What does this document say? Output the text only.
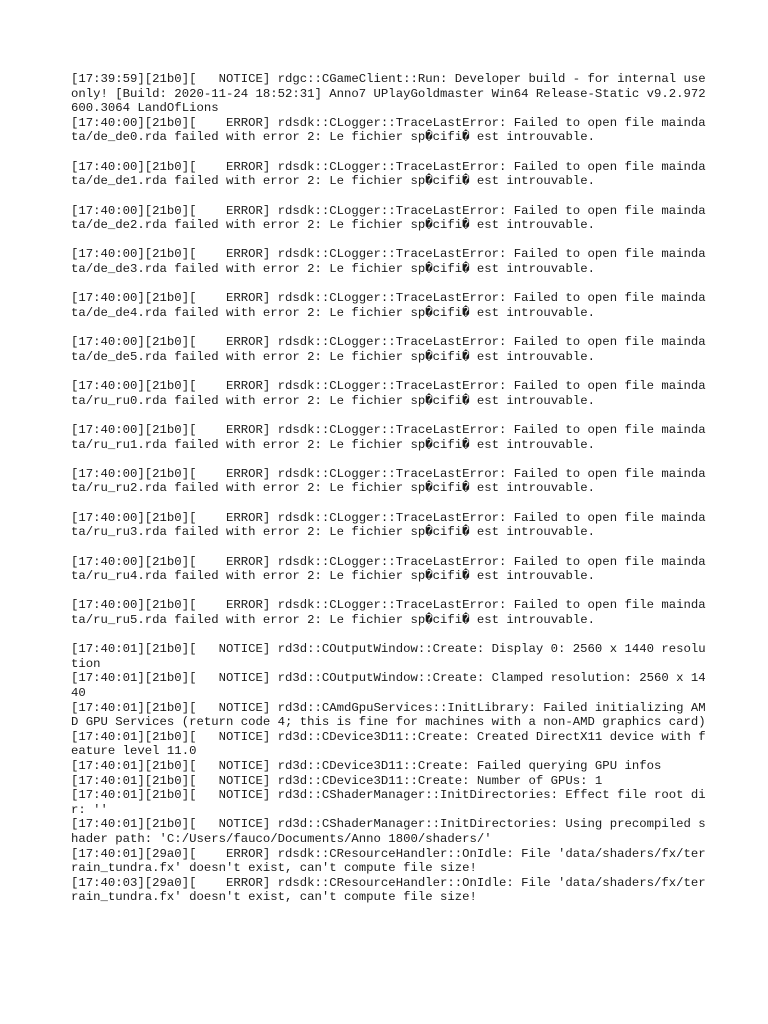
[17:39:59][21b0][   NOTICE] rdgc::CGameClient::Run: Developer build - for internal use only! [Build: 2020-11-24 18:52:31] Anno7 UPlayGoldmaster Win64 Release-Static v9.2.972600.3064 LandOfLions
[17:40:00][21b0][    ERROR] rdsdk::CLogger::TraceLastError: Failed to open file maindata/de_de0.rda failed with error 2: Le fichier sp�cifi� est introuvable.
[17:40:00][21b0][    ERROR] rdsdk::CLogger::TraceLastError: Failed to open file maindata/de_de1.rda failed with error 2: Le fichier sp�cifi� est introuvable.
[17:40:00][21b0][    ERROR] rdsdk::CLogger::TraceLastError: Failed to open file maindata/de_de2.rda failed with error 2: Le fichier sp�cifi� est introuvable.
[17:40:00][21b0][    ERROR] rdsdk::CLogger::TraceLastError: Failed to open file maindata/de_de3.rda failed with error 2: Le fichier sp�cifi� est introuvable.
[17:40:00][21b0][    ERROR] rdsdk::CLogger::TraceLastError: Failed to open file maindata/de_de4.rda failed with error 2: Le fichier sp�cifi� est introuvable.
[17:40:00][21b0][    ERROR] rdsdk::CLogger::TraceLastError: Failed to open file maindata/de_de5.rda failed with error 2: Le fichier sp�cifi� est introuvable.
[17:40:00][21b0][    ERROR] rdsdk::CLogger::TraceLastError: Failed to open file maindata/ru_ru0.rda failed with error 2: Le fichier sp�cifi� est introuvable.
[17:40:00][21b0][    ERROR] rdsdk::CLogger::TraceLastError: Failed to open file maindata/ru_ru1.rda failed with error 2: Le fichier sp�cifi� est introuvable.
[17:40:00][21b0][    ERROR] rdsdk::CLogger::TraceLastError: Failed to open file maindata/ru_ru2.rda failed with error 2: Le fichier sp�cifi� est introuvable.
[17:40:00][21b0][    ERROR] rdsdk::CLogger::TraceLastError: Failed to open file maindata/ru_ru3.rda failed with error 2: Le fichier sp�cifi� est introuvable.
[17:40:00][21b0][    ERROR] rdsdk::CLogger::TraceLastError: Failed to open file maindata/ru_ru4.rda failed with error 2: Le fichier sp�cifi� est introuvable.
[17:40:00][21b0][    ERROR] rdsdk::CLogger::TraceLastError: Failed to open file maindata/ru_ru5.rda failed with error 2: Le fichier sp�cifi� est introuvable.
[17:40:01][21b0][   NOTICE] rd3d::COutputWindow::Create: Display 0: 2560 x 1440 resolution
[17:40:01][21b0][   NOTICE] rd3d::COutputWindow::Create: Clamped resolution: 2560 x 1440
[17:40:01][21b0][   NOTICE] rd3d::CAmdGpuServices::InitLibrary: Failed initializing AMD GPU Services (return code 4; this is fine for machines with a non-AMD graphics card)
[17:40:01][21b0][   NOTICE] rd3d::CDevice3D11::Create: Created DirectX11 device with feature level 11.0
[17:40:01][21b0][   NOTICE] rd3d::CDevice3D11::Create: Failed querying GPU infos
[17:40:01][21b0][   NOTICE] rd3d::CDevice3D11::Create: Number of GPUs: 1
[17:40:01][21b0][   NOTICE] rd3d::CShaderManager::InitDirectories: Effect file root dir: ''
[17:40:01][21b0][   NOTICE] rd3d::CShaderManager::InitDirectories: Using precompiled shader path: 'C:/Users/fauco/Documents/Anno 1800/shaders/'
[17:40:01][29a0][    ERROR] rdsdk::CResourceHandler::OnIdle: File 'data/shaders/fx/terrain_tundra.fx' doesn't exist, can't compute file size!
[17:40:03][29a0][    ERROR] rdsdk::CResourceHandler::OnIdle: File 'data/shaders/fx/terrain_tundra.fx' doesn't exist, can't compute file size!
